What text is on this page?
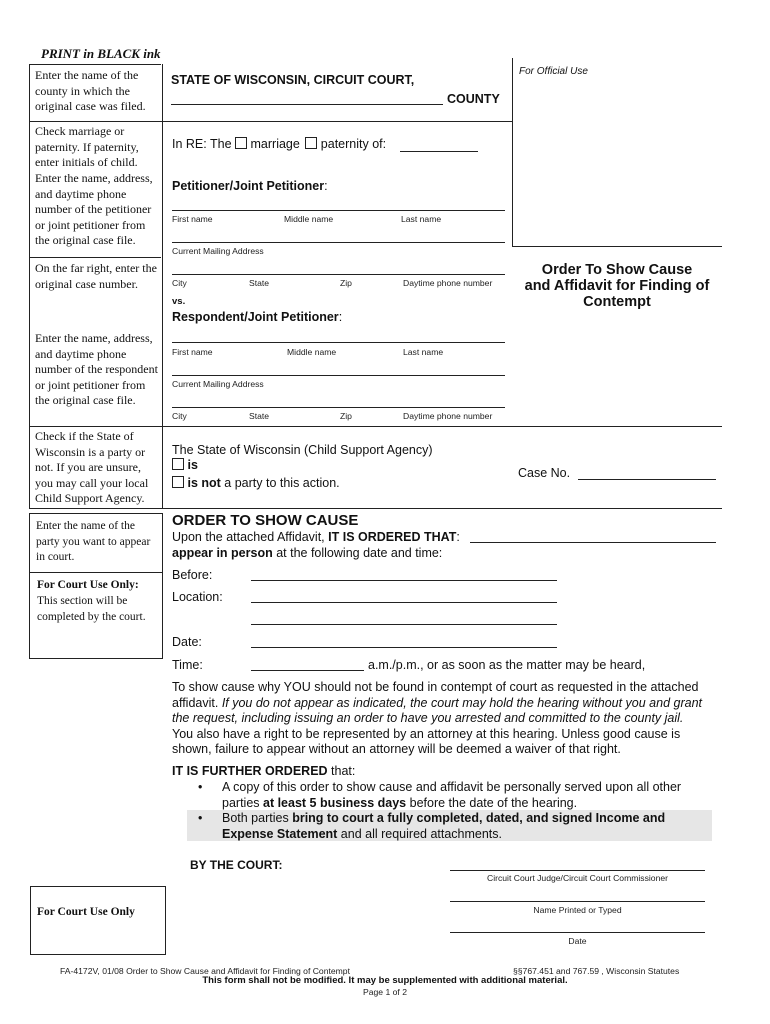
PRINT in BLACK ink
Enter the name of the county in which the original case was filed.
Check marriage or paternity. If paternity, enter initials of child.
Enter the name, address, and daytime phone number of the petitioner or joint petitioner from the original case file.
On the far right, enter the original case number.
Enter the name, address, and daytime phone number of the respondent or joint petitioner from the original case file.
Check if the State of Wisconsin is a party or not. If you are unsure, you may call your local Child Support Agency.
Enter the name of the party you want to appear in court.
For Court Use Only:
This section will be completed by the court.
For Court Use Only
STATE OF WISCONSIN, CIRCUIT COURT,
COUNTY
For Official Use
In RE: The marriage paternity of:
Petitioner/Joint Petitioner:
First name	Middle name	Last name
Current Mailing Address
City	State	Zip	Daytime phone number
vs.
Respondent/Joint Petitioner:
First name	Middle name	Last name
Current Mailing Address
City	State	Zip	Daytime phone number
The State of Wisconsin (Child Support Agency)
is
is not a party to this action.
Order To Show Cause
and Affidavit for Finding of
Contempt
Case No.
ORDER TO SHOW CAUSE
Upon the attached Affidavit, IT IS ORDERED THAT:
appear in person at the following date and time:
Before:
Location:
Date:
Time:	a.m./p.m., or as soon as the matter may be heard,
To show cause why YOU should not be found in contempt of court as requested in the attached
affidavit. If you do not appear as indicated, the court may hold the hearing without you and grant
the request, including issuing an order to have you arrested and committed to the county jail.
You also have a right to be represented by an attorney at this hearing. Unless good cause is
shown, failure to appear without an attorney will be deemed a waiver of that right.
IT IS FURTHER ORDERED that:
• A copy of this order to show cause and affidavit be personally served upon all other
parties at least 5 business days before the date of the hearing.
• Both parties bring to court a fully completed, dated, and signed Income and
Expense Statement and all required attachments.
BY THE COURT:
Circuit Court Judge/Circuit Court Commissioner
Name Printed or Typed
Date
FA-4172V, 01/08 Order to Show Cause and Affidavit for Finding of Contempt	§§767.451 and 767.59 , Wisconsin Statutes
This form shall not be modified. It may be supplemented with additional material.
Page 1 of 2
